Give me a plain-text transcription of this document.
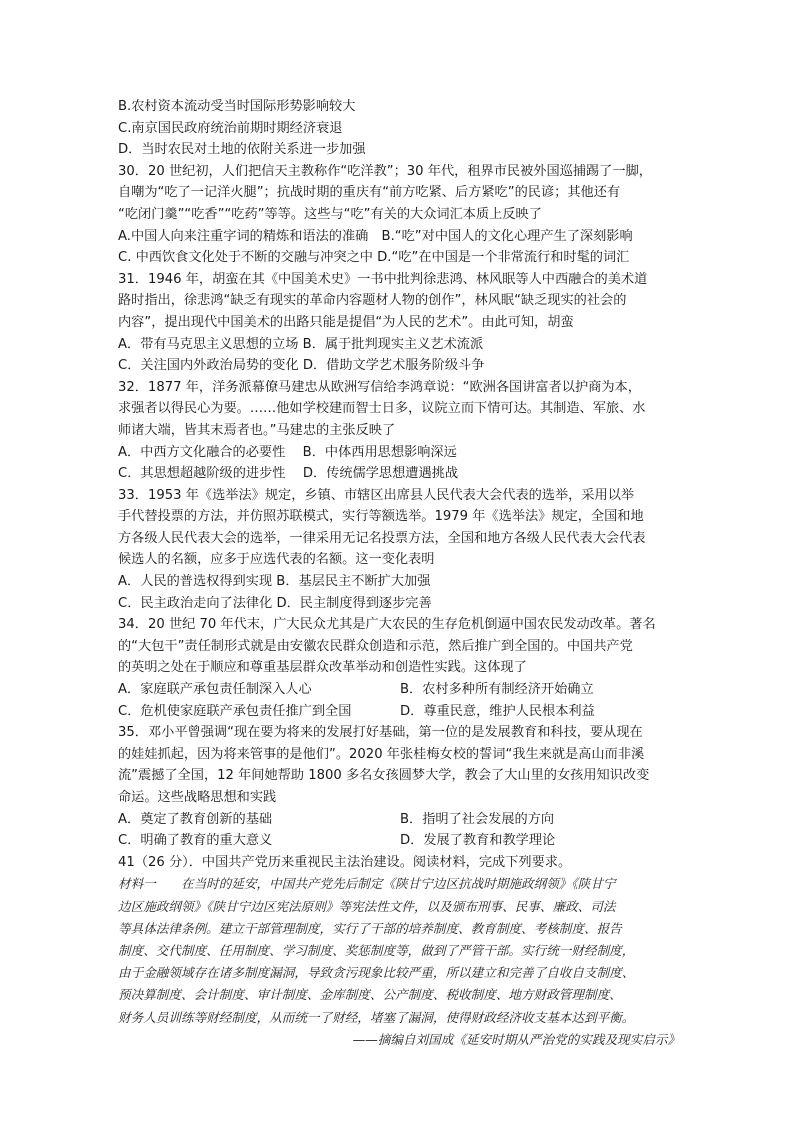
B.农村资本流动受当时国际形势影响较大
C.南京国民政府统治前期时期经济衰退
D．当时农民对土地的依附关系进一步加强
30．20 世纪初，人们把信天主教称作“吃洋教”；30 年代，租界市民被外国巡捕踢了一脚，
自嘲为“吃了一记洋火腿”；抗战时期的重庆有“前方吃紧、后方紧吃”的民谚；其他还有
“吃闭门羹”“吃香”“吃药”等等。这些与“吃”有关的大众词汇本质上反映了
A.中国人向来注重字词的精炼和语法的准确　B.“吃”对中国人的文化心理产生了深刻影响
C. 中西饮食文化处于不断的交融与冲突之中 D.“吃”在中国是一个非常流行和时髦的词汇
31．1946 年，胡蛮在其《中国美术史》一书中批判徐悲鸿、林风眠等人中西融合的美术道
路时指出，徐悲鸿“缺乏有现实的革命内容题材人物的创作”，林风眠“缺乏现实的社会的
内容”，提出现代中国美术的出路只能是提倡“为人民的艺术”。由此可知，胡蛮
A．带有马克思主义思想的立场 B．属于批判现实主义艺术流派
C．关注国内外政治局势的变化 D．借助文学艺术服务阶级斗争
32．1877 年，洋务派幕僚马建忠从欧洲写信给李鸿章说：“欧洲各国讲富者以护商为本，
求强者以得民心为要。……他如学校建而智士日多，议院立而下情可达。其制造、军旅、水
师诸大端，皆其末焉者也。”马建忠的主张反映了
A．中西方文化融合的必要性　 B．中体西用思想影响深远
C．其思想超越阶级的进步性　 D．传统儒学思想遭遇挑战
33．1953 年《选举法》规定，乡镇、市辖区出席县人民代表大会代表的选举，采用以举
手代替投票的方法，并仿照苏联模式，实行等额选举。1979 年《选举法》规定，全国和地
方各级人民代表大会的选举，一律采用无记名投票方法，全国和地方各级人民代表大会代表
候选人的名额，应多于应选代表的名额。这一变化表明
A．人民的普选权得到实现 B．基层民主不断扩大加强
C．民主政治走向了法律化 D．民主制度得到逐步完善
34．20 世纪 70 年代末，广大民众尤其是广大农民的生存危机倒逼中国农民发动改革。著名
的“大包干”责任制形式就是由安徽农民群众创造和示范，然后推广到全国的。中国共产党
的英明之处在于顺应和尊重基层群众改革举动和创造性实践。这体现了
A．家庭联产承包责任制深入人心	B．农村多种所有制经济开始确立
C．危机使家庭联产承包责任推广到全国	D．尊重民意，维护人民根本利益
35．邓小平曾强调“现在要为将来的发展打好基础，第一位的是发展教育和科技，要从现在
的娃娃抓起，因为将来管事的是他们”。2020 年张桂梅女校的誓词“我生来就是高山而非溪
流”震撼了全国，12 年间她帮助 1800 多名女孩圆梦大学，教会了大山里的女孩用知识改变
命运。这些战略思想和实践
A．奠定了教育创新的基础	B．指明了社会发展的方向
C．明确了教育的重大意义	D．发展了教育和教学理论
41（26 分）．中国共产党历来重视民主法治建设。阅读材料，完成下列要求。
材料一　　在当时的延安，中国共产党先后制定《陕甘宁边区抗战时期施政纲领》《陕甘宁
边区施政纲领》《陕甘宁边区宪法原则》等宪法性文件，以及颁布刑事、民事、廉政、司法
等具体法律条例。建立干部管理制度，实行了干部的培养制度、教育制度、考核制度、报告
制度、交代制度、任用制度、学习制度、奖惩制度等，做到了严管干部。实行统一财经制度，
由于金融领域存在诸多制度漏洞，导致贪污现象比较严重，所以建立和完善了自收自支制度、
预决算制度、会计制度、审计制度、金库制度、公产制度、税收制度、地方财政管理制度、
财务人员训练等财经制度，从而统一了财经，堵塞了漏洞，使得财政经济收支基本达到平衡。
——摘编自刘国成《延安时期从严治党的实践及现实启示》
